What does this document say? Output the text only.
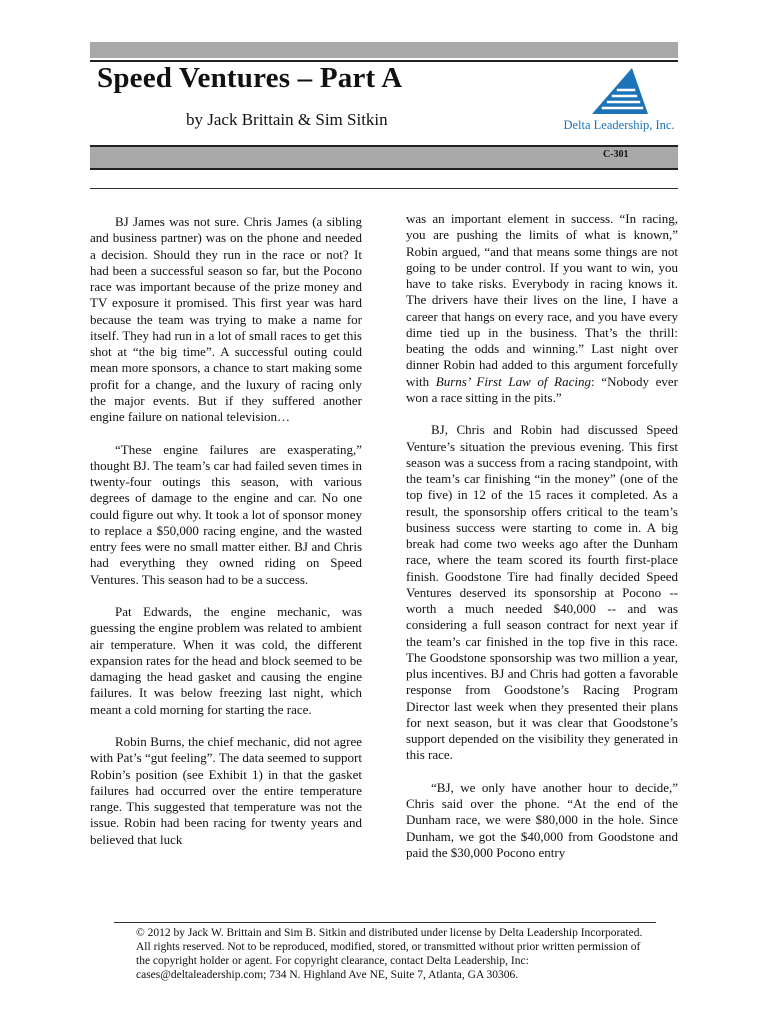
Speed Ventures – Part A
by Jack Brittain & Sim Sitkin	Delta Leadership, Inc.
C-301

BJ James was not sure. Chris James (a sibling and business partner) was on the phone and needed a decision. Should they run in the race or not? It had been a successful season so far, but the Pocono race was important because of the prize money and TV exposure it promised. This first year was hard because the team was trying to make a name for itself. They had run in a lot of small races to get this shot at “the big time”. A successful outing could mean more sponsors, a chance to start making some profit for a change, and the luxury of racing only the major events. But if they suffered another engine failure on national television…

“These engine failures are exasperating,” thought BJ. The team’s car had failed seven times in twenty-four outings this season, with various degrees of damage to the engine and car. No one could figure out why. It took a lot of sponsor money to replace a $50,000 racing engine, and the wasted entry fees were no small matter either. BJ and Chris had everything they owned riding on Speed Ventures. This season had to be a success.

Pat Edwards, the engine mechanic, was guessing the engine problem was related to ambient air temperature. When it was cold, the different expansion rates for the head and block seemed to be damaging the head gasket and causing the engine failures. It was below freezing last night, which meant a cold morning for starting the race.

Robin Burns, the chief mechanic, did not agree with Pat’s “gut feeling”. The data seemed to support Robin’s position (see Exhibit 1) in that the gasket failures had occurred over the entire temperature range. This suggested that temperature was not the issue. Robin had been racing for twenty years and believed that luck

was an important element in success. “In racing, you are pushing the limits of what is known,” Robin argued, “and that means some things are not going to be under control. If you want to win, you have to take risks. Everybody in racing knows it. The drivers have their lives on the line, I have a career that hangs on every race, and you have every dime tied up in the business. That’s the thrill: beating the odds and winning.” Last night over dinner Robin had added to this argument forcefully with Burns’ First Law of Racing: “Nobody ever won a race sitting in the pits.”

BJ, Chris and Robin had discussed Speed Venture’s situation the previous evening. This first season was a success from a racing standpoint, with the team’s car finishing “in the money” (one of the top five) in 12 of the 15 races it completed. As a result, the sponsorship offers critical to the team’s business success were starting to come in. A big break had come two weeks ago after the Dunham race, where the team scored its fourth first-place finish. Goodstone Tire had finally decided Speed Ventures deserved its sponsorship at Pocono -- worth a much needed $40,000 -- and was considering a full season contract for next year if the team’s car finished in the top five in this race. The Goodstone sponsorship was two million a year, plus incentives. BJ and Chris had gotten a favorable response from Goodstone’s Racing Program Director last week when they presented their plans for next season, but it was clear that Goodstone’s support depended on the visibility they generated in this race.

“BJ, we only have another hour to decide,” Chris said over the phone. “At the end of the Dunham race, we were $80,000 in the hole. Since Dunham, we got the $40,000 from Goodstone and paid the $30,000 Pocono entry

© 2012 by Jack W. Brittain and Sim B. Sitkin and distributed under license by Delta Leadership Incorporated. All rights reserved. Not to be reproduced, modified, stored, or transmitted without prior written permission of the copyright holder or agent. For copyright clearance, contact Delta Leadership, Inc: cases@deltaleadership.com; 734 N. Highland Ave NE, Suite 7, Atlanta, GA 30306.
